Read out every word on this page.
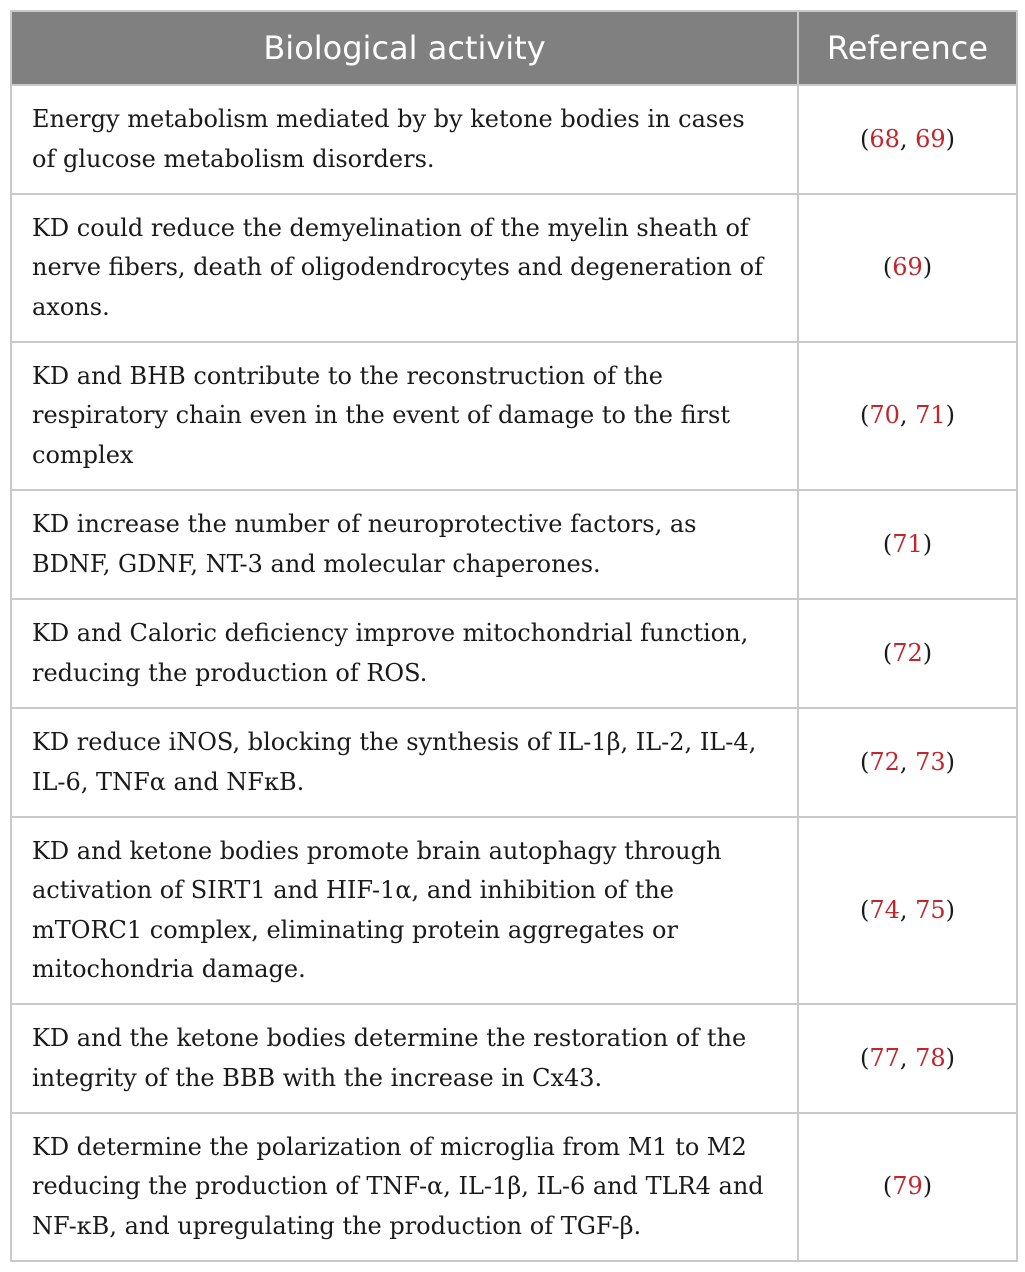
Biological activity	Reference
Energy metabolism mediated by by ketone bodies in cases of glucose metabolism disorders.	(68, 69)
KD could reduce the demyelination of the myelin sheath of nerve fibers, death of oligodendrocytes and degeneration of axons.	(69)
KD and BHB contribute to the reconstruction of the respiratory chain even in the event of damage to the first complex	(70, 71)
KD increase the number of neuroprotective factors, as BDNF, GDNF, NT-3 and molecular chaperones.	(71)
KD and Caloric deficiency improve mitochondrial function, reducing the production of ROS.	(72)
KD reduce iNOS, blocking the synthesis of IL-1β, IL-2, IL-4, IL-6, TNFα and NFκB.	(72, 73)
KD and ketone bodies promote brain autophagy through activation of SIRT1 and HIF-1α, and inhibition of the mTORC1 complex, eliminating protein aggregates or mitochondria damage.	(74, 75)
KD and the ketone bodies determine the restoration of the integrity of the BBB with the increase in Cx43.	(77, 78)
KD determine the polarization of microglia from M1 to M2 reducing the production of TNF-α, IL-1β, IL-6 and TLR4 and NF-κB, and upregulating the production of TGF-β.	(79)
